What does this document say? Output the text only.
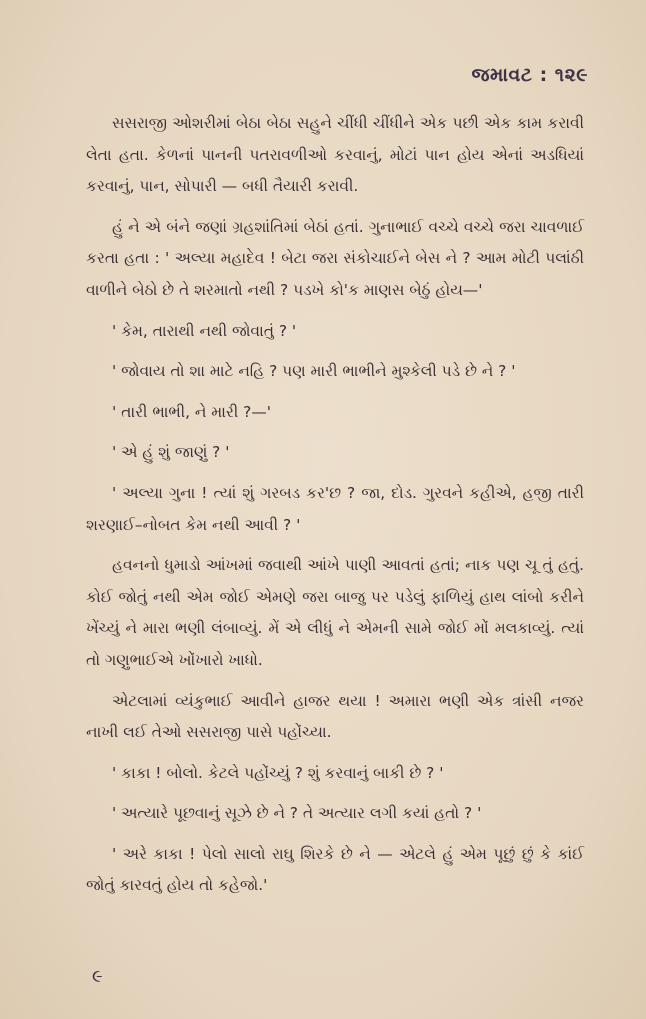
જમાવટ : ૧૨૯

સસરાજી ઓશરીમાં બેઠા બેઠા સહુને ચીંધી ચીંધીને એક પછી એક કામ કરાવી લેતા હતા. કેળનાં પાનની પતરાવળીઓ કરવાનું, મોટાં પાન હોય એનાં અડધિયાં કરવાનું, પાન, સોપારી — બધી તૈયારી કરાવી.

હું ને એ બંને જણાં ગ્રહશાંતિમાં બેઠાં હતાં. ગુનાભાઈ વચ્ચે વચ્ચે જરા ચાવળાઈ કરતા હતા : ' અલ્યા મહાદેવ ! બેટા જરા સંકોચાઈને બેસ ને ? આમ મોટી પલાંઠી વાળીને બેઠો છે તે શરમાતો નથી ? પડખે કો'ક માણસ બેઠું હોય—'

' કેમ, તારાથી નથી જોવાતું ? '

' જોવાય તો શા માટે નહિ ? પણ મારી ભાભીને મુશ્કેલી પડે છે ને ? '

' તારી ભાભી, ને મારી ?—'

' એ હું શું જાણું ? '

' અલ્યા ગુના ! ત્યાં શું ગરબડ કર'છ ? જા, દોડ. ગુરવને કહીએ, હજી તારી શરણાઈ–નોબત કેમ નથી આવી ? '

હવનનો ધુમાડો આંખમાં જવાથી આંખે પાણી આવતાં હતાં; નાક પણ ચૂ તું હતું. કોઈ જોતું નથી એમ જોઈ એમણે જરા બાજુ પર પડેલું ફાળિયું હાથ લાંબો કરીને ખેંચ્યું ને મારા ભણી લંબાવ્યું. મેં એ લીધું ને એમની સામે જોઈ મોં મલકાવ્યું. ત્યાં તો ગણુભાઈએ ખોંખારો ખાધો.

એટલામાં વ્યંકુભાઈ આવીને હાજર થયા ! અમારા ભણી એક ત્રાંસી નજર નાખી લઈ તેઓ સસરાજી પાસે પહોંચ્યા.

' કાકા ! બોલો. કેટલે પહોંચ્યું ? શું કરવાનું બાકી છે ? '

' અત્યારે પૂછવાનું સૂઝે છે ને ? તે અત્યાર લગી કયાં હતો ? '

' અરે કાકા ! પેલો સાલો રાઘુ શિરકે છે ને — એટલે હું એમ પૂછું છું કે કાંઈ જોતું કારવતું હોય તો કહેજો.'

૯
